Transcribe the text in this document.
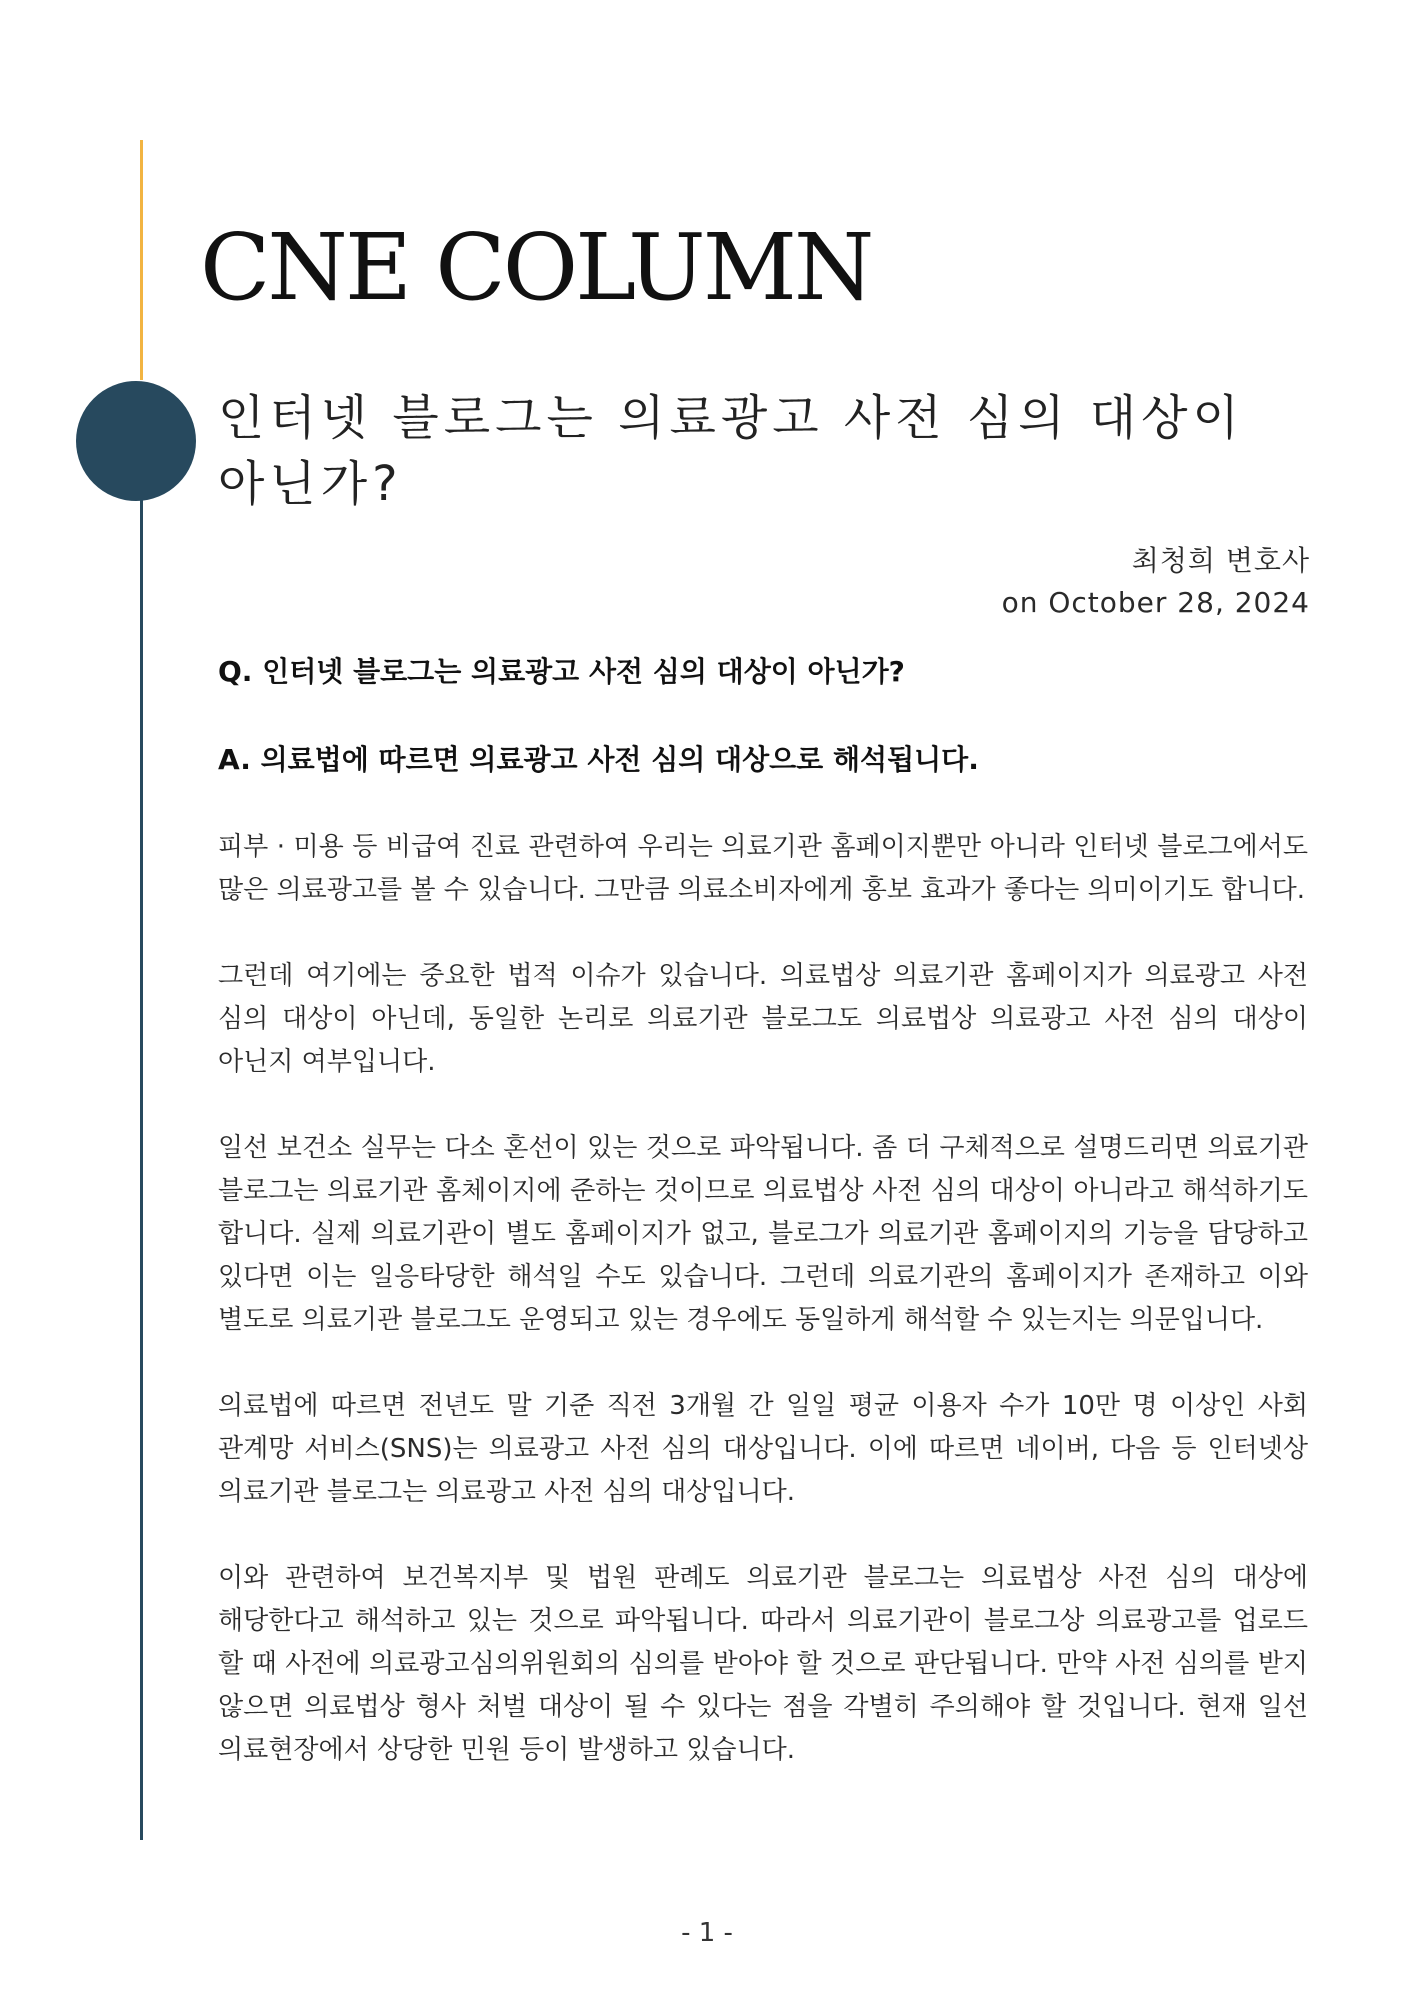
CNE COLUMN
인터넷 블로그는 의료광고 사전 심의 대상이 아닌가?
최청희 변호사
on October 28, 2024

Q. 인터넷 블로그는 의료광고 사전 심의 대상이 아닌가?

A. 의료법에 따르면 의료광고 사전 심의 대상으로 해석됩니다.

피부 · 미용 등 비급여 진료 관련하여 우리는 의료기관 홈페이지뿐만 아니라 인터넷 블로그에서도 많은 의료광고를 볼 수 있습니다. 그만큼 의료소비자에게 홍보 효과가 좋다는 의미이기도 합니다.

그런데 여기에는 중요한 법적 이슈가 있습니다. 의료법상 의료기관 홈페이지가 의료광고 사전 심의 대상이 아닌데, 동일한 논리로 의료기관 블로그도 의료법상 의료광고 사전 심의 대상이 아닌지 여부입니다.

일선 보건소 실무는 다소 혼선이 있는 것으로 파악됩니다. 좀 더 구체적으로 설명드리면 의료기관 블로그는 의료기관 홈체이지에 준하는 것이므로 의료법상 사전 심의 대상이 아니라고 해석하기도 합니다. 실제 의료기관이 별도 홈페이지가 없고, 블로그가 의료기관 홈페이지의 기능을 담당하고 있다면 이는 일응타당한 해석일 수도 있습니다. 그런데 의료기관의 홈페이지가 존재하고 이와 별도로 의료기관 블로그도 운영되고 있는 경우에도 동일하게 해석할 수 있는지는 의문입니다.

의료법에 따르면 전년도 말 기준 직전 3개월 간 일일 평균 이용자 수가 10만 명 이상인 사회 관계망 서비스(SNS)는 의료광고 사전 심의 대상입니다. 이에 따르면 네이버, 다음 등 인터넷상 의료기관 블로그는 의료광고 사전 심의 대상입니다.

이와 관련하여 보건복지부 및 법원 판례도 의료기관 블로그는 의료법상 사전 심의 대상에 해당한다고 해석하고 있는 것으로 파악됩니다. 따라서 의료기관이 블로그상 의료광고를 업로드 할 때 사전에 의료광고심의위원회의 심의를 받아야 할 것으로 판단됩니다. 만약 사전 심의를 받지 않으면 의료법상 형사 처벌 대상이 될 수 있다는 점을 각별히 주의해야 할 것입니다. 현재 일선 의료현장에서 상당한 민원 등이 발생하고 있습니다.

- 1 -
